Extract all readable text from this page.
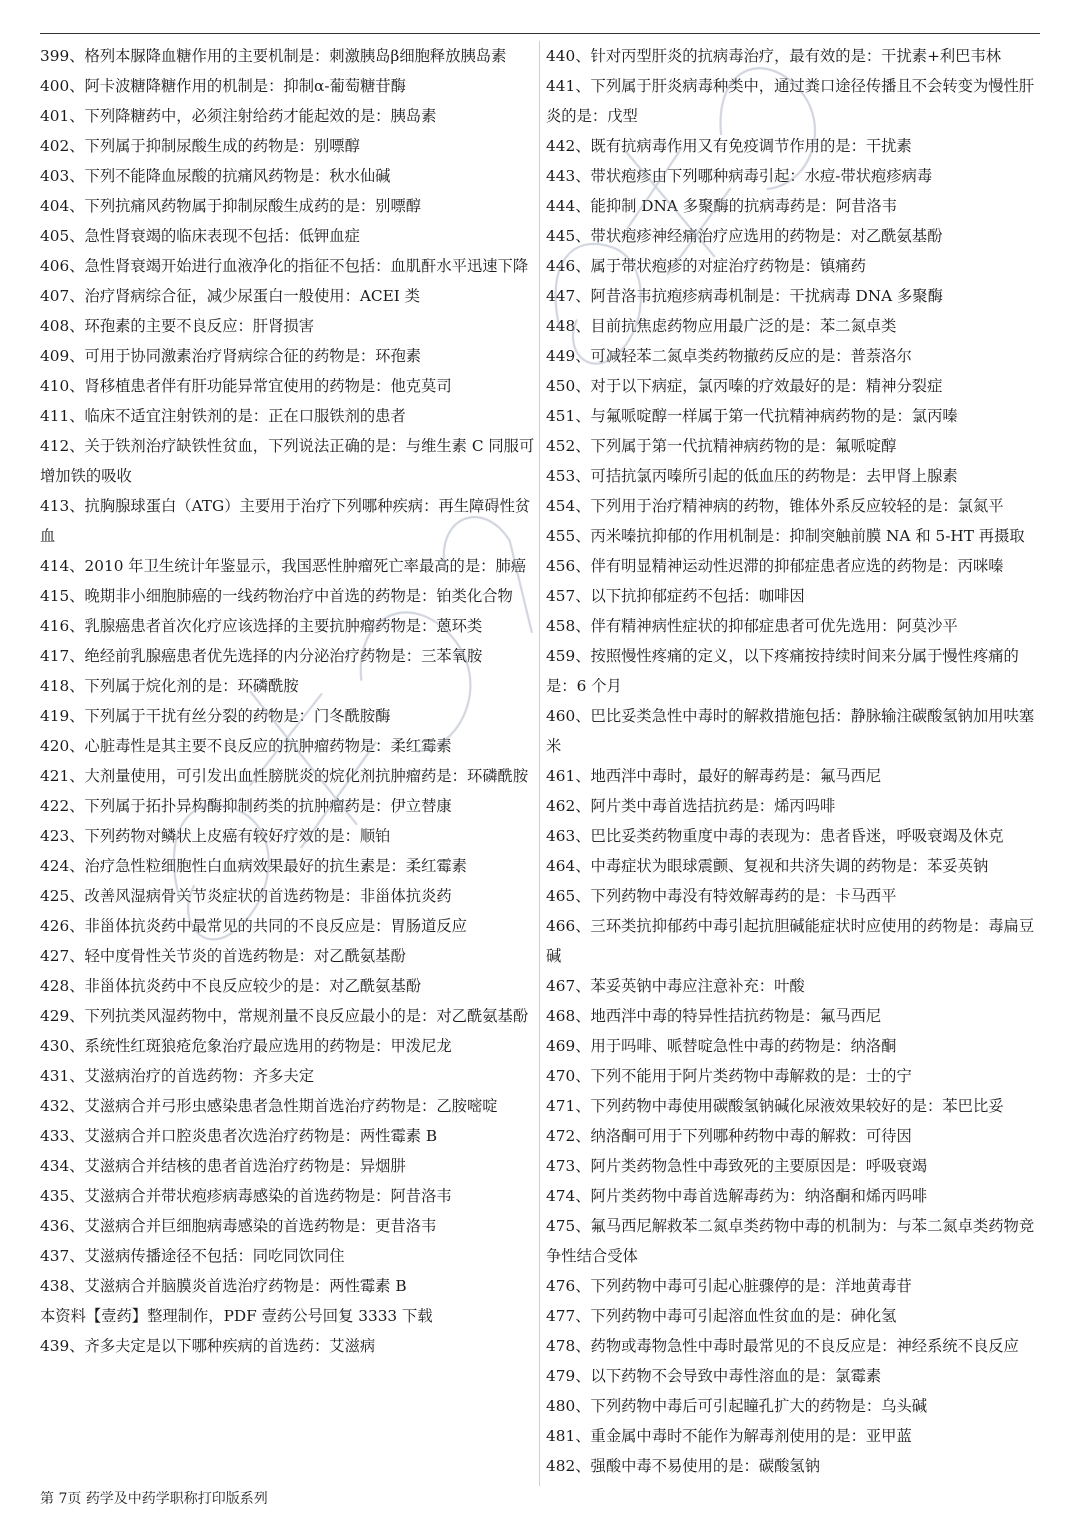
399、格列本脲降血糖作用的主要机制是：刺激胰岛β细胞释放胰岛素

400、阿卡波糖降糖作用的机制是：抑制α-葡萄糖苷酶

401、下列降糖药中，必须注射给药才能起效的是：胰岛素

402、下列属于抑制尿酸生成的药物是：别嘌醇

403、下列不能降血尿酸的抗痛风药物是：秋水仙碱

404、下列抗痛风药物属于抑制尿酸生成药的是：别嘌醇

405、急性肾衰竭的临床表现不包括：低钾血症

406、急性肾衰竭开始进行血液净化的指征不包括：血肌酐水平迅速下降

407、治疗肾病综合征，减少尿蛋白一般使用：ACEI 类

408、环孢素的主要不良反应：肝肾损害

409、可用于协同激素治疗肾病综合征的药物是：环孢素

410、肾移植患者伴有肝功能异常宜使用的药物是：他克莫司

411、临床不适宜注射铁剂的是：正在口服铁剂的患者

412、关于铁剂治疗缺铁性贫血，下列说法正确的是：与维生素 C 同服可增加铁的吸收

413、抗胸腺球蛋白（ATG）主要用于治疗下列哪种疾病：再生障碍性贫血

414、2010 年卫生统计年鉴显示，我国恶性肿瘤死亡率最高的是：肺癌

415、晚期非小细胞肺癌的一线药物治疗中首选的药物是：铂类化合物

416、乳腺癌患者首次化疗应该选择的主要抗肿瘤药物是：蒽环类

417、绝经前乳腺癌患者优先选择的内分泌治疗药物是：三苯氧胺

418、下列属于烷化剂的是：环磷酰胺

419、下列属于干扰有丝分裂的药物是：门冬酰胺酶

420、心脏毒性是其主要不良反应的抗肿瘤药物是：柔红霉素

421、大剂量使用，可引发出血性膀胱炎的烷化剂抗肿瘤药是：环磷酰胺

422、下列属于拓扑异构酶抑制药类的抗肿瘤药是：伊立替康

423、下列药物对鳞状上皮癌有较好疗效的是：顺铂

424、治疗急性粒细胞性白血病效果最好的抗生素是：柔红霉素

425、改善风湿病骨关节炎症状的首选药物是：非甾体抗炎药

426、非甾体抗炎药中最常见的共同的不良反应是：胃肠道反应

427、轻中度骨性关节炎的首选药物是：对乙酰氨基酚

428、非甾体抗炎药中不良反应较少的是：对乙酰氨基酚

429、下列抗类风湿药物中，常规剂量不良反应最小的是：对乙酰氨基酚

430、系统性红斑狼疮危象治疗最应选用的药物是：甲泼尼龙

431、艾滋病治疗的首选药物：齐多夫定

432、艾滋病合并弓形虫感染患者急性期首选治疗药物是：乙胺嘧啶

433、艾滋病合并口腔炎患者次选治疗药物是：两性霉素 B

434、艾滋病合并结核的患者首选治疗药物是：异烟肼

435、艾滋病合并带状疱疹病毒感染的首选药物是：阿昔洛韦

436、艾滋病合并巨细胞病毒感染的首选药物是：更昔洛韦

437、艾滋病传播途径不包括：同吃同饮同住

438、艾滋病合并脑膜炎首选治疗药物是：两性霉素 B

本资料【壹药】整理制作，PDF 壹药公号回复 3333 下载

439、齐多夫定是以下哪种疾病的首选药：艾滋病

440、针对丙型肝炎的抗病毒治疗，最有效的是：干扰素+利巴韦林

441、下列属于肝炎病毒种类中，通过粪口途径传播且不会转变为慢性肝炎的是：戊型

442、既有抗病毒作用又有免疫调节作用的是：干扰素

443、带状疱疹由下列哪种病毒引起：水痘-带状疱疹病毒

444、能抑制 DNA 多聚酶的抗病毒药是：阿昔洛韦

445、带状疱疹神经痛治疗应选用的药物是：对乙酰氨基酚

446、属于带状疱疹的对症治疗药物是：镇痛药

447、阿昔洛韦抗疱疹病毒机制是：干扰病毒 DNA 多聚酶

448、目前抗焦虑药物应用最广泛的是：苯二氮卓类

449、可减轻苯二氮卓类药物撤药反应的是：普萘洛尔

450、对于以下病症，氯丙嗪的疗效最好的是：精神分裂症

451、与氟哌啶醇一样属于第一代抗精神病药物的是：氯丙嗪

452、下列属于第一代抗精神病药物的是：氟哌啶醇

453、可拮抗氯丙嗪所引起的低血压的药物是：去甲肾上腺素

454、下列用于治疗精神病的药物，锥体外系反应较轻的是：氯氮平

455、丙米嗪抗抑郁的作用机制是：抑制突触前膜 NA 和 5-HT 再摄取

456、伴有明显精神运动性迟滞的抑郁症患者应选的药物是：丙咪嗪

457、以下抗抑郁症药不包括：咖啡因

458、伴有精神病性症状的抑郁症患者可优先选用：阿莫沙平

459、按照慢性疼痛的定义，以下疼痛按持续时间来分属于慢性疼痛的是：6 个月

460、巴比妥类急性中毒时的解救措施包括：静脉输注碳酸氢钠加用呋塞米

461、地西泮中毒时，最好的解毒药是：氟马西尼

462、阿片类中毒首选拮抗药是：烯丙吗啡

463、巴比妥类药物重度中毒的表现为：患者昏迷，呼吸衰竭及休克

464、中毒症状为眼球震颤、复视和共济失调的药物是：苯妥英钠

465、下列药物中毒没有特效解毒药的是：卡马西平

466、三环类抗抑郁药中毒引起抗胆碱能症状时应使用的药物是：毒扁豆碱

467、苯妥英钠中毒应注意补充：叶酸

468、地西泮中毒的特异性拮抗药物是：氟马西尼

469、用于吗啡、哌替啶急性中毒的药物是：纳洛酮

470、下列不能用于阿片类药物中毒解救的是：士的宁

471、下列药物中毒使用碳酸氢钠碱化尿液效果较好的是：苯巴比妥

472、纳洛酮可用于下列哪种药物中毒的解救：可待因

473、阿片类药物急性中毒致死的主要原因是：呼吸衰竭

474、阿片类药物中毒首选解毒药为：纳洛酮和烯丙吗啡

475、氟马西尼解救苯二氮卓类药物中毒的机制为：与苯二氮卓类药物竞争性结合受体

476、下列药物中毒可引起心脏骤停的是：洋地黄毒苷

477、下列药物中毒可引起溶血性贫血的是：砷化氢

478、药物或毒物急性中毒时最常见的不良反应是：神经系统不良反应

479、以下药物不会导致中毒性溶血的是：氯霉素

480、下列药物中毒后可引起瞳孔扩大的药物是：乌头碱

481、重金属中毒时不能作为解毒剂使用的是：亚甲蓝

482、强酸中毒不易使用的是：碳酸氢钠

第 7页 药学及中药学职称打印版系列
